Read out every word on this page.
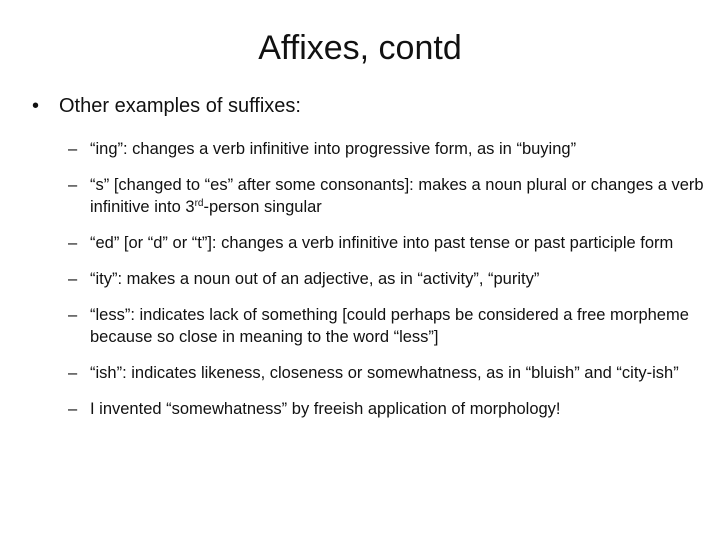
Affixes, contd
• Other examples of suffixes:
– “ing”: changes a verb infinitive into progressive form, as in “buying”
– “s” [changed to “es” after some consonants]: makes a noun plural or changes a verb infinitive into 3rd-person singular
– “ed” [or “d” or “t”]: changes a verb infinitive into past tense or past participle form
– “ity”: makes a noun out of an adjective, as in “activity”, “purity”
– “less”: indicates lack of something [could perhaps be considered a free morpheme because so close in meaning to the word “less”]
– “ish”: indicates likeness, closeness or somewhatness, as in “bluish” and “city-ish”
– I invented “somewhatness” by freeish application of morphology!
